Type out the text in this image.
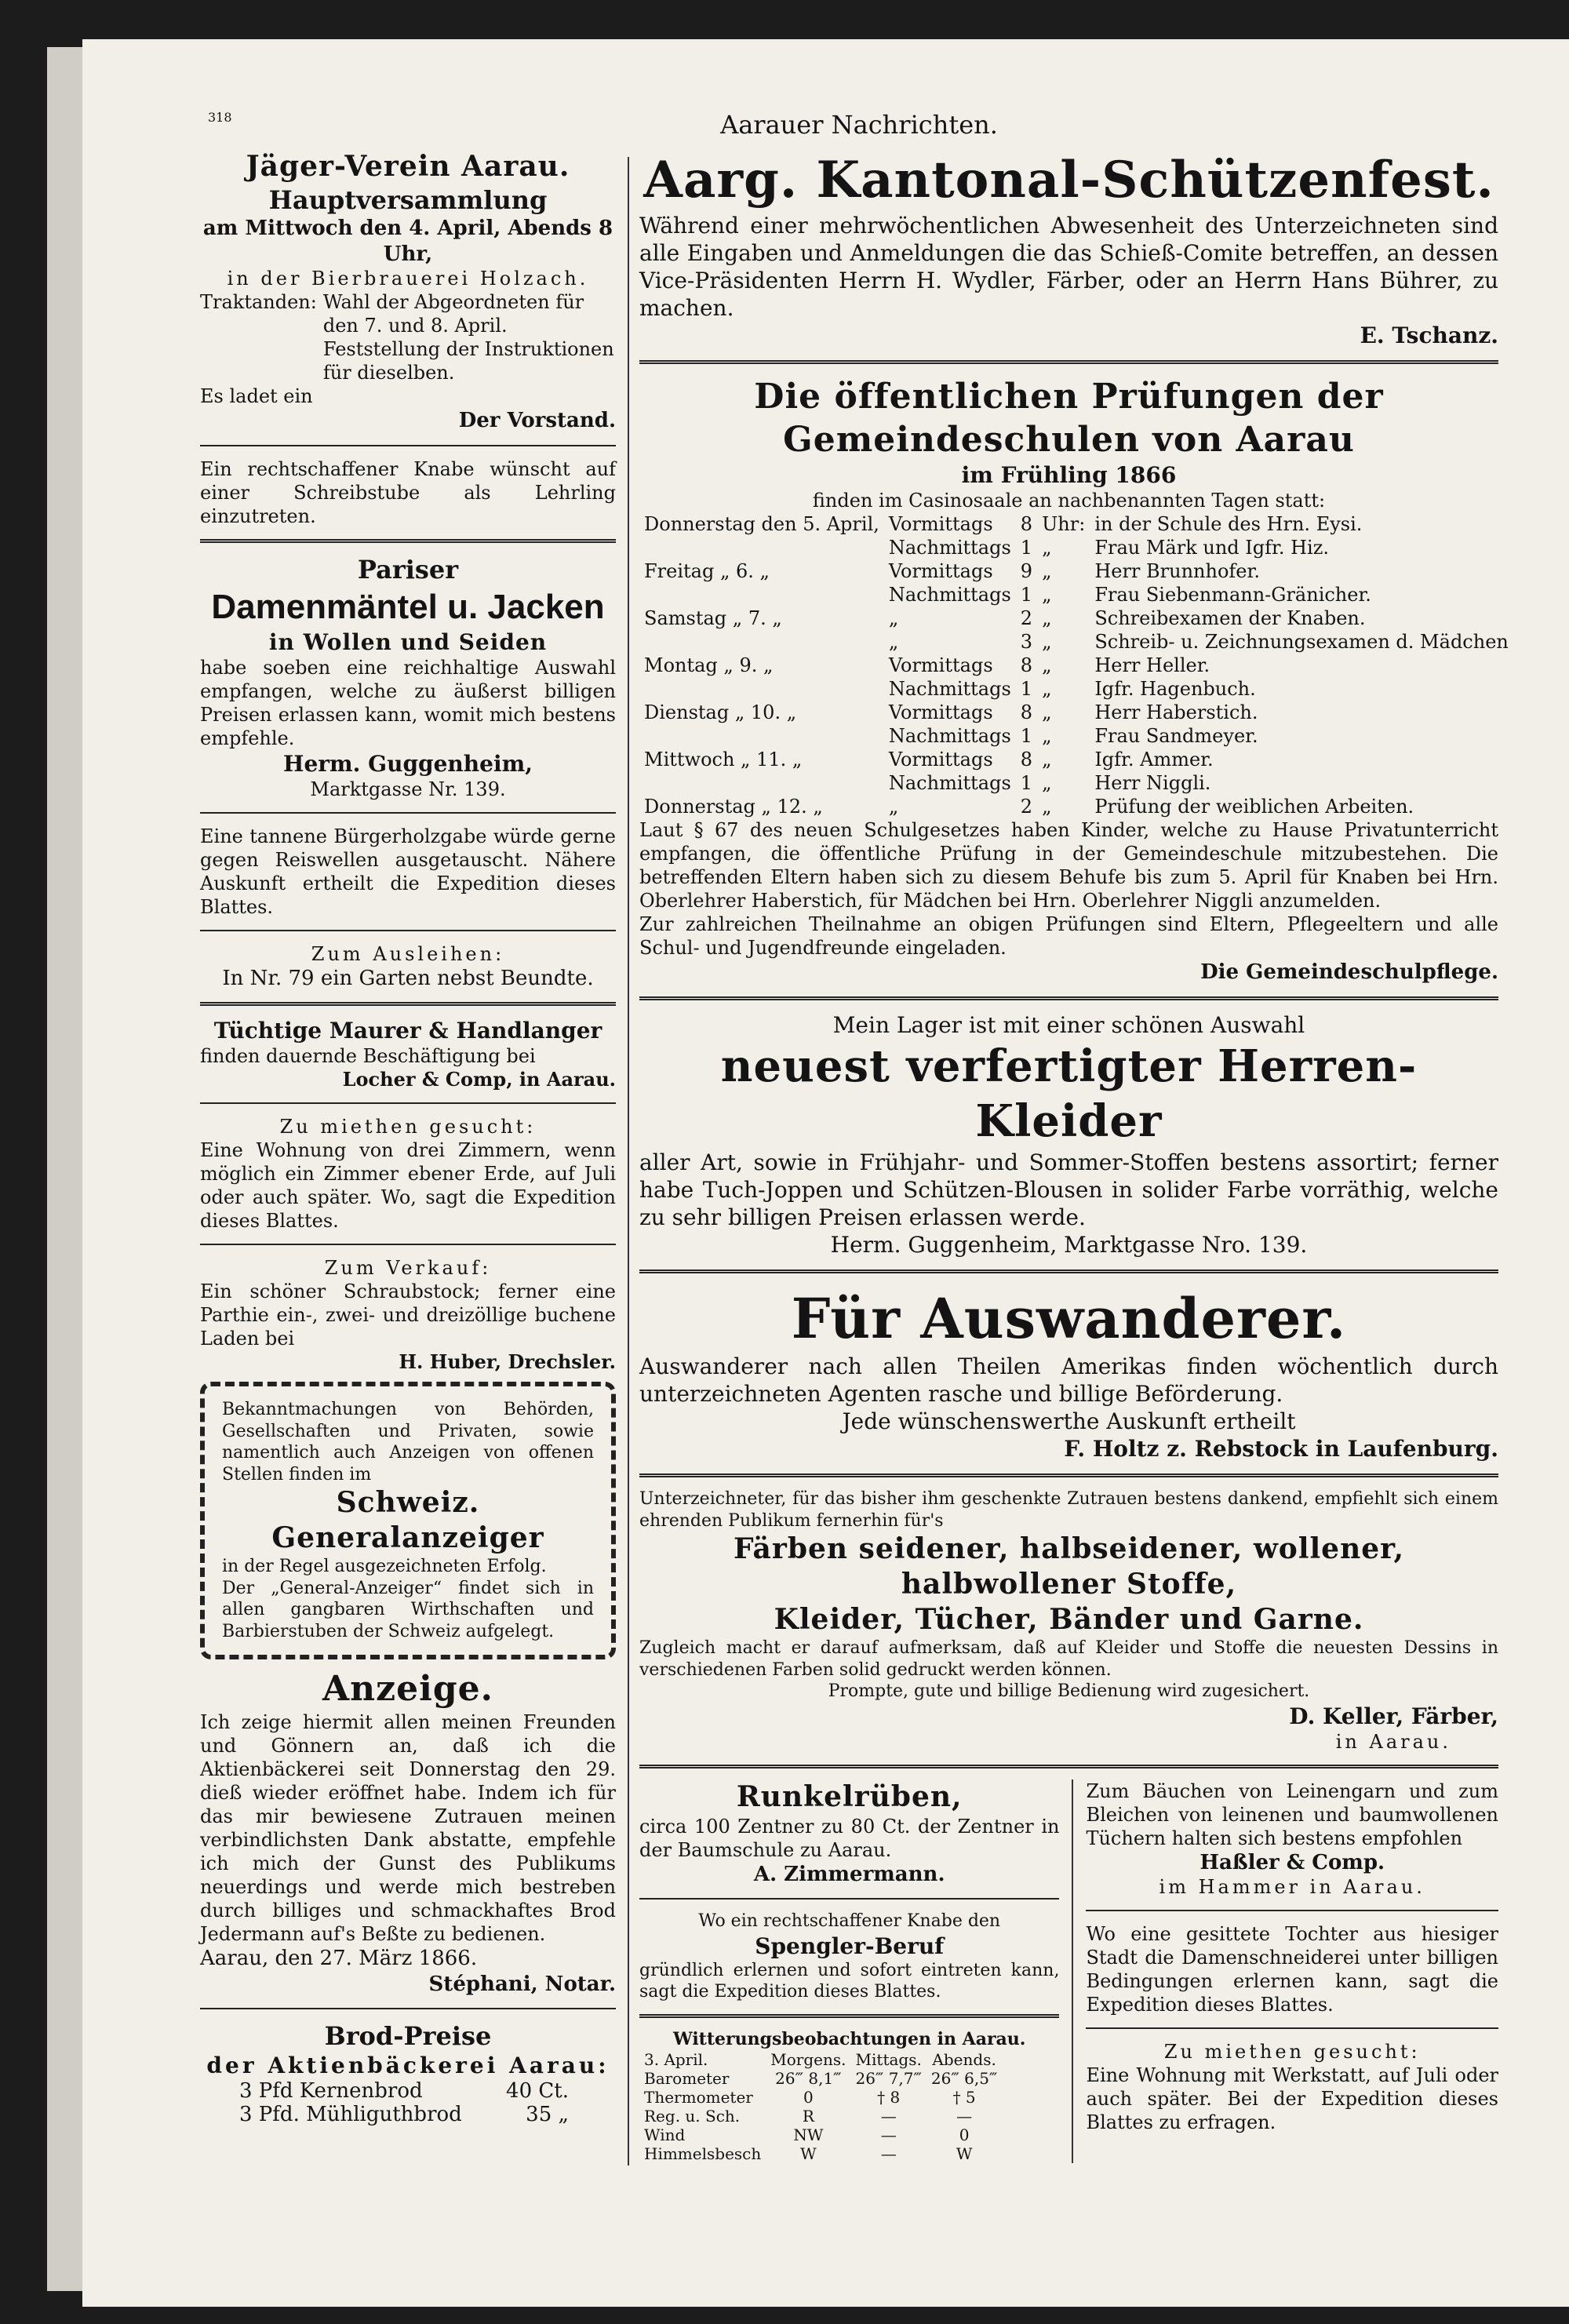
318	Aarauer Nachrichten.

Jäger-Verein Aarau.

Hauptversammlung

am Mittwoch den 4. April, Abends 8 Uhr,

in der Bierbrauerei Holzach.

Traktanden: Wahl der Abgeordneten für den 7. und 8. April.

Feststellung der Instruktionen für dieselben.

Es ladet ein

Der Vorstand.

Ein rechtschaffener Knabe wünscht auf einer Schreibstube als Lehrling einzutreten.

Pariser

Damenmäntel u. Jacken

in Wollen und Seiden

habe soeben eine reichhaltige Auswahl empfangen, welche zu äußerst billigen Preisen erlassen kann, womit mich bestens empfehle.

Herm. Guggenheim,

Marktgasse Nr. 139.

Eine tannene Bürgerholzgabe würde gerne gegen Reiswellen ausgetauscht. Nähere Auskunft ertheilt die Expedition dieses Blattes.

Zum Ausleihen:

In Nr. 79 ein Garten nebst Beundte.

Tüchtige Maurer & Handlanger

finden dauernde Beschäftigung bei

Locher & Comp, in Aarau.

Zu miethen gesucht:

Eine Wohnung von drei Zimmern, wenn möglich ein Zimmer ebener Erde, auf Juli oder auch später. Wo, sagt die Expedition dieses Blattes.

Zum Verkauf:

Ein schöner Schraubstock; ferner eine Parthie ein-, zwei- und dreizöllige buchene Laden bei

H. Huber, Drechsler.

Bekanntmachungen von Behörden, Gesellschaften und Privaten, sowie namentlich auch Anzeigen von offenen Stellen finden im

Schweiz. Generalanzeiger

in der Regel ausgezeichneten Erfolg.

Der „General-Anzeiger“ findet sich in allen gangbaren Wirthschaften und Barbierstuben der Schweiz aufgelegt.

Anzeige.

Ich zeige hiermit allen meinen Freunden und Gönnern an, daß ich die Aktienbäckerei seit Donnerstag den 29. dieß wieder eröffnet habe. Indem ich für das mir bewiesene Zutrauen meinen verbindlichsten Dank abstatte, empfehle ich mich der Gunst des Publikums neuerdings und werde mich bestreben durch billiges und schmackhaftes Brod Jedermann auf's Beßte zu bedienen.

Aarau, den 27. März 1866.

Stéphani, Notar.

Brod-Preise

der Aktienbäckerei Aarau:

3 Pfd Kernenbrod	40 Ct.
3 Pfd. Mühliguthbrod	35 „

Aarg. Kantonal-Schützenfest.

Während einer mehrwöchentlichen Abwesenheit des Unterzeichneten sind alle Eingaben und Anmeldungen die das Schieß-Comite betreffen, an dessen Vice-Präsidenten Herrn H. Wydler, Färber, oder an Herrn Hans Bührer, zu machen.

E. Tschanz.

Die öffentlichen Prüfungen der Gemeindeschulen von Aarau

im Frühling 1866

finden im Casinosaale an nachbenannten Tagen statt:

Donnerstag den 5. April,	Vormittags	8	Uhr:	in der Schule des Hrn. Eysi.
	Nachmittags	1	„	Frau Märk und Igfr. Hiz.
Freitag „ 6. „	Vormittags	9	„	Herr Brunnhofer.
	Nachmittags	1	„	Frau Siebenmann-Gränicher.
Samstag „ 7. „	„	2	„	Schreibexamen der Knaben.
	„	3	„	Schreib- u. Zeichnungsexamen d. Mädchen
Montag „ 9. „	Vormittags	8	„	Herr Heller.
	Nachmittags	1	„	Igfr. Hagenbuch.
Dienstag „ 10. „	Vormittags	8	„	Herr Haberstich.
	Nachmittags	1	„	Frau Sandmeyer.
Mittwoch „ 11. „	Vormittags	8	„	Igfr. Ammer.
	Nachmittags	1	„	Herr Niggli.
Donnerstag „ 12. „	„	2	„	Prüfung der weiblichen Arbeiten.

Laut § 67 des neuen Schulgesetzes haben Kinder, welche zu Hause Privatunterricht empfangen, die öffentliche Prüfung in der Gemeindeschule mitzubestehen. Die betreffenden Eltern haben sich zu diesem Behufe bis zum 5. April für Knaben bei Hrn. Oberlehrer Haberstich, für Mädchen bei Hrn. Oberlehrer Niggli anzumelden.

Zur zahlreichen Theilnahme an obigen Prüfungen sind Eltern, Pflegeeltern und alle Schul- und Jugendfreunde eingeladen.

Die Gemeindeschulpflege.

Mein Lager ist mit einer schönen Auswahl

neuest verfertigter Herren-Kleider

aller Art, sowie in Frühjahr- und Sommer-Stoffen bestens assortirt; ferner habe Tuch-Joppen und Schützen-Blousen in solider Farbe vorräthig, welche zu sehr billigen Preisen erlassen werde.

Herm. Guggenheim, Marktgasse Nro. 139.

Für Auswanderer.

Auswanderer nach allen Theilen Amerikas finden wöchentlich durch unterzeichneten Agenten rasche und billige Beförderung.

Jede wünschenswerthe Auskunft ertheilt

F. Holtz z. Rebstock in Laufenburg.

Unterzeichneter, für das bisher ihm geschenkte Zutrauen bestens dankend, empfiehlt sich einem ehrenden Publikum fernerhin für's

Färben seidener, halbseidener, wollener, halbwollener Stoffe,

Kleider, Tücher, Bänder und Garne.

Zugleich macht er darauf aufmerksam, daß auf Kleider und Stoffe die neuesten Dessins in verschiedenen Farben solid gedruckt werden können.

Prompte, gute und billige Bedienung wird zugesichert.

D. Keller, Färber,

in Aarau.

Runkelrüben,

circa 100 Zentner zu 80 Ct. der Zentner in der Baumschule zu Aarau.

A. Zimmermann.

Wo ein rechtschaffener Knabe den

Spengler-Beruf

gründlich erlernen und sofort eintreten kann, sagt die Expedition dieses Blattes.

Witterungsbeobachtungen in Aarau.

3. April.	Morgens.	Mittags.	Abends.
Barometer	26‴ 8,1‴	26‴ 7,7‴	26‴ 6,5‴
Thermometer	0	† 8	† 5
Reg. u. Sch.	R	—	—
Wind	NW	—	0
Himmelsbesch	W	—	W

Zum Bäuchen von Leinengarn und zum Bleichen von leinenen und baumwollenen Tüchern halten sich bestens empfohlen

Haßler & Comp.

im Hammer in Aarau.

Wo eine gesittete Tochter aus hiesiger Stadt die Damenschneiderei unter billigen Bedingungen erlernen kann, sagt die Expedition dieses Blattes.

Zu miethen gesucht:

Eine Wohnung mit Werkstatt, auf Juli oder auch später. Bei der Expedition dieses Blattes zu erfragen.
